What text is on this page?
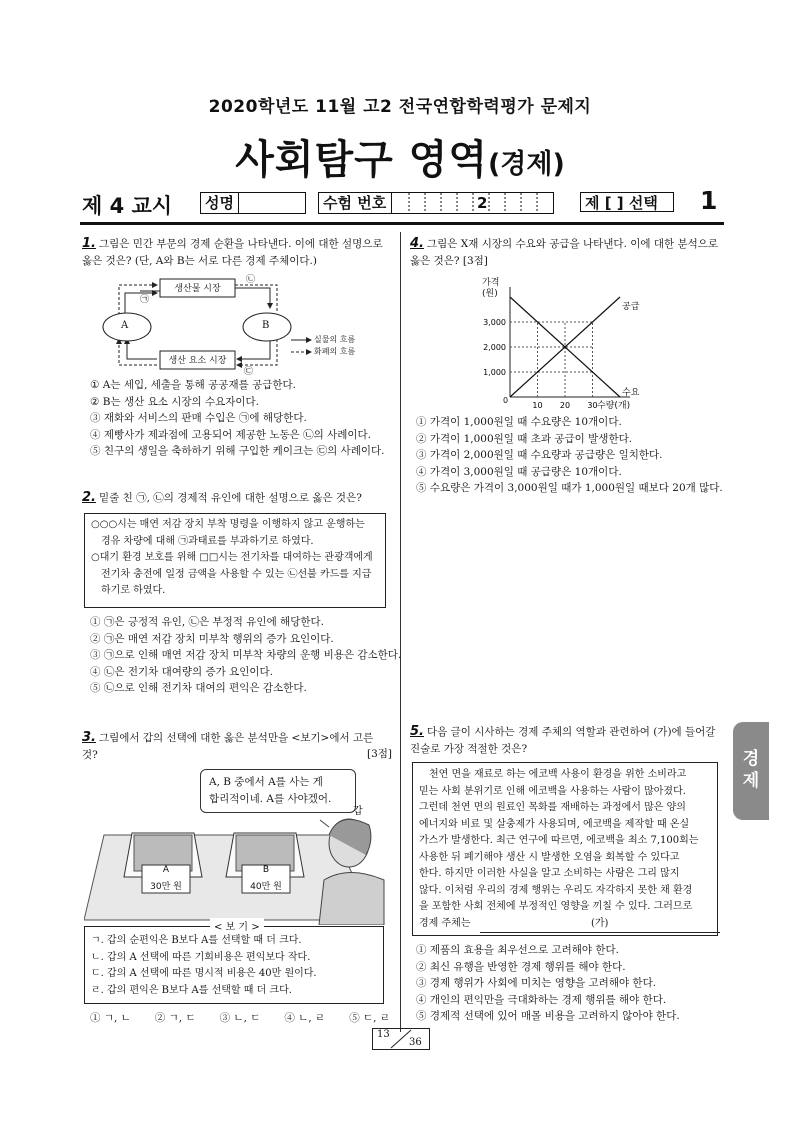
2020학년도 11월 고2 전국연합학력평가 문제지
사회탐구 영역(경제)
제 4 교시	성명	수험 번호	2	제 [ ] 선택	1
1. 그림은 민간 부문의 경제 순환을 나타낸다. 이에 대한 설명으로 옳은 것은? (단, A와 B는 서로 다른 경제 주체이다.)
생산물 시장
생산 요소 시장
A	B
㉠
㉡
㉢
실물의 흐름
화폐의 흐름
① A는 세입, 세출을 통해 공공재를 공급한다.
② B는 생산 요소 시장의 수요자이다.
③ 재화와 서비스의 판매 수입은 ㉠에 해당한다.
④ 제빵사가 제과점에 고용되어 제공한 노동은 ㉡의 사례이다.
⑤ 친구의 생일을 축하하기 위해 구입한 케이크는 ㉢의 사례이다.
2. 밑줄 친 ㉠, ㉡의 경제적 유인에 대한 설명으로 옳은 것은?
○○○시는 매연 저감 장치 부착 명령을 이행하지 않고 운행하는
경유 차량에 대해 ㉠과태료를 부과하기로 하였다.
○대기 환경 보호를 위해 □□시는 전기차를 대여하는 관광객에게
전기차 충전에 일정 금액을 사용할 수 있는 ㉡선불 카드를 지급
하기로 하였다.
① ㉠은 긍정적 유인, ㉡은 부정적 유인에 해당한다.
② ㉠은 매연 저감 장치 미부착 행위의 증가 요인이다.
③ ㉠으로 인해 매연 저감 장치 미부착 차량의 운행 비용은 감소한다.
④ ㉡은 전기차 대여량의 증가 요인이다.
⑤ ㉡으로 인해 전기차 대여의 편익은 감소한다.
3. 그림에서 갑의 선택에 대한 옳은 분석만을 <보기>에서 고른 것?	[3점]
A, B 중에서 A를 사는 게
합리적이네. A를 사야겠어.
갑
A
30만 원
B
40만 원
ㄱ. 갑의 순편익은 B보다 A를 선택할 때 더 크다.
ㄴ. 갑의 A 선택에 따른 기회비용은 편익보다 작다.
ㄷ. 갑의 A 선택에 따른 명시적 비용은 40만 원이다.
ㄹ. 갑의 편익은 B보다 A를 선택할 때 더 크다.
< 보 기 >
① ㄱ, ㄴ ② ㄱ, ㄷ ③ ㄴ, ㄷ ④ ㄴ, ㄹ ⑤ ㄷ, ㄹ
4. 그림은 X재 시장의 수요와 공급을 나타낸다. 이에 대한 분석으로 옳은 것은? [3점]
1,000
2,000
3,000
10 20 30
공급
수요
가격
(원)
수량(개)
0
① 가격이 1,000원일 때 수요량은 10개이다.
② 가격이 1,000원일 때 초과 공급이 발생한다.
③ 가격이 2,000원일 때 수요량과 공급량은 일치한다.
④ 가격이 3,000원일 때 공급량은 10개이다.
⑤ 수요량은 가격이 3,000원일 때가 1,000원일 때보다 20개 많다.
5. 다음 글이 시사하는 경제 주체의 역할과 관련하여 (가)에 들어갈 진술로 가장 적절한 것은?
천연 면을 재료로 하는 에코백 사용이 환경을 위한 소비라고
믿는 사회 분위기로 인해 에코백을 사용하는 사람이 많아졌다.
그런데 천연 면의 원료인 목화를 재배하는 과정에서 많은 양의
에너지와 비료 및 살충제가 사용되며, 에코백을 제작할 때 온실
가스가 발생한다. 최근 연구에 따르면, 에코백을 최소 7,100회는
사용한 뒤 폐기해야 생산 시 발생한 오염을 회복할 수 있다고
한다. 하지만 이러한 사실을 알고 소비하는 사람은 그리 많지
않다. 이처럼 우리의 경제 행위는 우리도 자각하지 못한 채 환경
을 포함한 사회 전체에 부정적인 영향을 끼칠 수 있다. 그러므로
경제 주체는	(가)
① 제품의 효용을 최우선으로 고려해야 한다.
② 최신 유행을 반영한 경제 행위를 해야 한다.
③ 경제 행위가 사회에 미치는 영향을 고려해야 한다.
④ 개인의 편익만을 극대화하는 경제 행위를 해야 한다.
⑤ 경제적 선택에 있어 매몰 비용을 고려하지 않아야 한다.
경제
13
36
